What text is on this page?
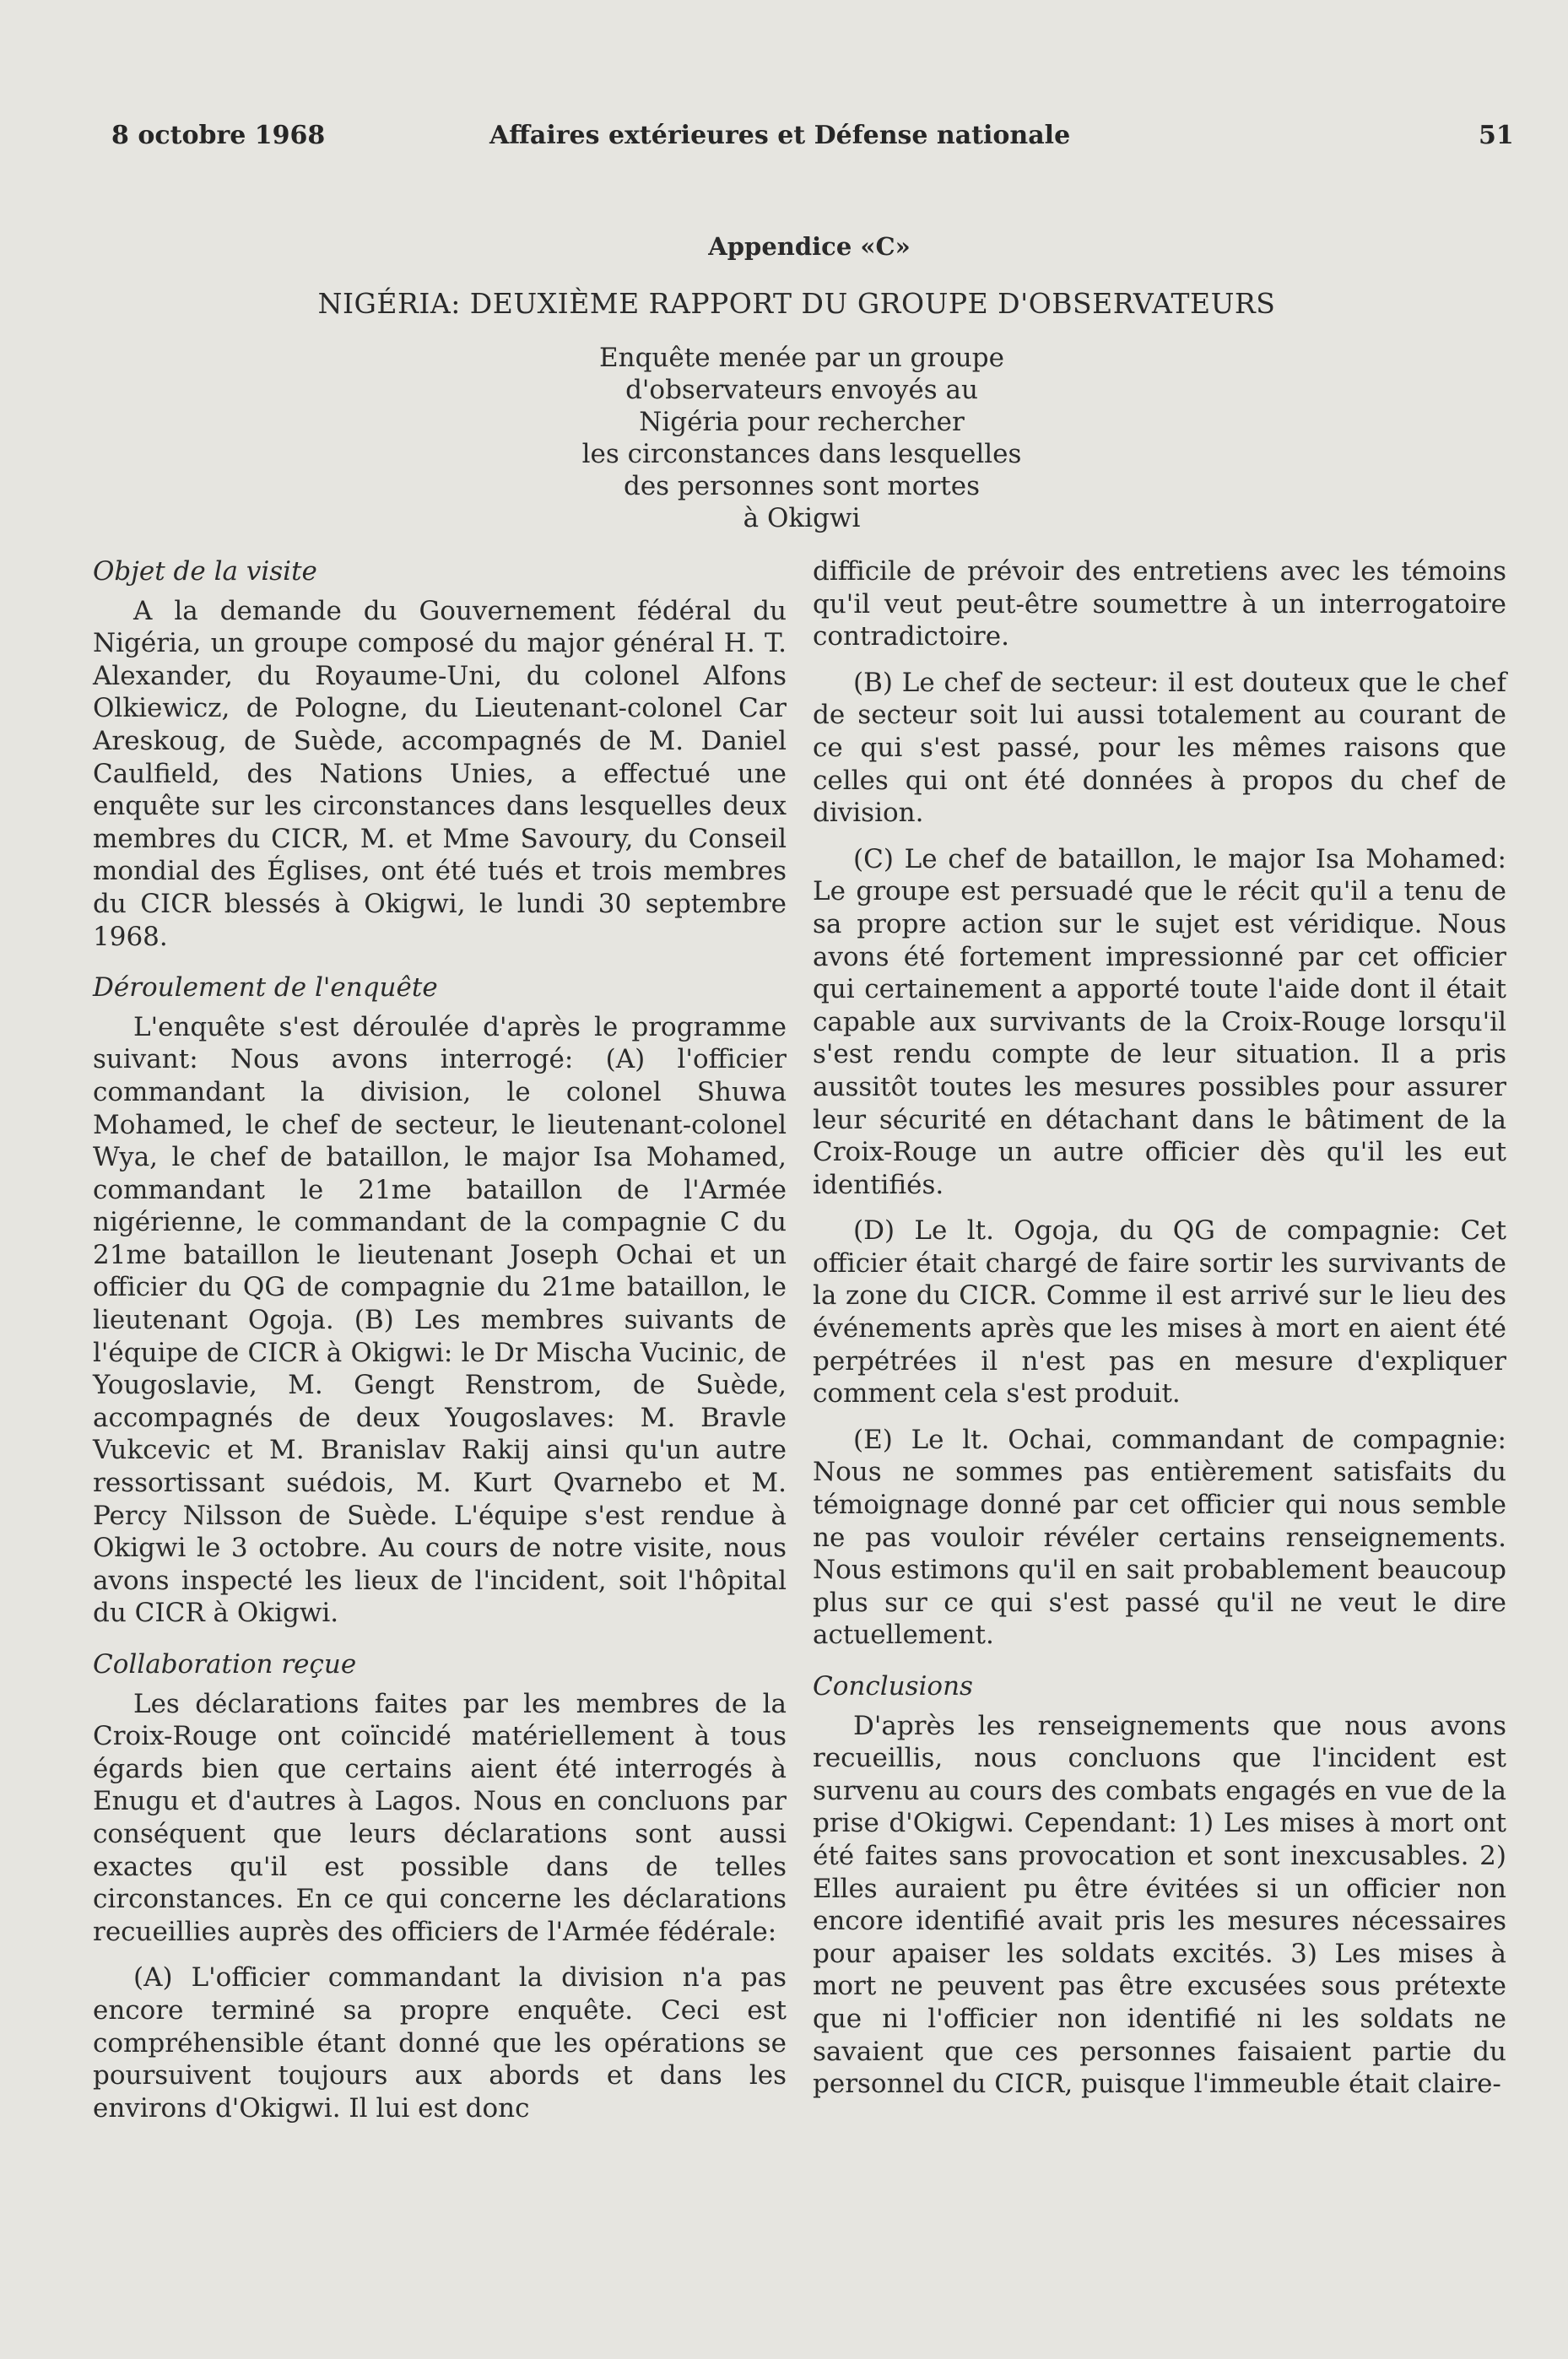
8 octobre 1968	Affaires extérieures et Défense nationale	51
Appendice «C»
NIGÉRIA: DEUXIÈME RAPPORT DU GROUPE D'OBSERVATEURS
Enquête menée par un groupe
d'observateurs envoyés au
Nigéria pour rechercher
les circonstances dans lesquelles
des personnes sont mortes
à Okigwi
Objet de la visite

A la demande du Gouvernement fédéral du Nigéria, un groupe composé du major général H. T. Alexander, du Royaume-Uni, du colonel Alfons Olkiewicz, de Pologne, du Lieutenant-colonel Car Areskoug, de Suède, accompagnés de M. Daniel Caulfield, des Nations Unies, a effectué une enquête sur les circonstances dans lesquelles deux membres du CICR, M. et Mme Savoury, du Conseil mondial des Églises, ont été tués et trois membres du CICR blessés à Okigwi, le lundi 30 septembre 1968.

Déroulement de l'enquête

L'enquête s'est déroulée d'après le programme suivant: Nous avons interrogé: (A) l'officier commandant la division, le colonel Shuwa Mohamed, le chef de secteur, le lieutenant-colonel Wya, le chef de bataillon, le major Isa Mohamed, commandant le 21me bataillon de l'Armée nigérienne, le commandant de la compagnie C du 21me bataillon le lieutenant Joseph Ochai et un officier du QG de compagnie du 21me bataillon, le lieutenant Ogoja. (B) Les membres suivants de l'équipe de CICR à Okigwi: le Dr Mischa Vucinic, de Yougoslavie, M. Gengt Renstrom, de Suède, accompagnés de deux Yougoslaves: M. Bravle Vukcevic et M. Branislav Rakij ainsi qu'un autre ressortissant suédois, M. Kurt Qvarnebo et M. Percy Nilsson de Suède. L'équipe s'est rendue à Okigwi le 3 octobre. Au cours de notre visite, nous avons inspecté les lieux de l'incident, soit l'hôpital du CICR à Okigwi.

Collaboration reçue

Les déclarations faites par les membres de la Croix-Rouge ont coïncidé matériellement à tous égards bien que certains aient été interrogés à Enugu et d'autres à Lagos. Nous en concluons par conséquent que leurs déclarations sont aussi exactes qu'il est possible dans de telles circonstances. En ce qui concerne les déclarations recueillies auprès des officiers de l'Armée fédérale:

(A) L'officier commandant la division n'a pas encore terminé sa propre enquête. Ceci est compréhensible étant donné que les opérations se poursuivent toujours aux abords et dans les environs d'Okigwi. Il lui est donc

difficile de prévoir des entretiens avec les témoins qu'il veut peut-être soumettre à un interrogatoire contradictoire.

(B) Le chef de secteur: il est douteux que le chef de secteur soit lui aussi totalement au courant de ce qui s'est passé, pour les mêmes raisons que celles qui ont été données à propos du chef de division.

(C) Le chef de bataillon, le major Isa Mohamed: Le groupe est persuadé que le récit qu'il a tenu de sa propre action sur le sujet est véridique. Nous avons été fortement impressionné par cet officier qui certainement a apporté toute l'aide dont il était capable aux survivants de la Croix-Rouge lorsqu'il s'est rendu compte de leur situation. Il a pris aussitôt toutes les mesures possibles pour assurer leur sécurité en détachant dans le bâtiment de la Croix-Rouge un autre officier dès qu'il les eut identifiés.

(D) Le lt. Ogoja, du QG de compagnie: Cet officier était chargé de faire sortir les survivants de la zone du CICR. Comme il est arrivé sur le lieu des événements après que les mises à mort en aient été perpétrées il n'est pas en mesure d'expliquer comment cela s'est produit.

(E) Le lt. Ochai, commandant de compagnie: Nous ne sommes pas entièrement satisfaits du témoignage donné par cet officier qui nous semble ne pas vouloir révéler certains renseignements. Nous estimons qu'il en sait probablement beaucoup plus sur ce qui s'est passé qu'il ne veut le dire actuellement.

Conclusions

D'après les renseignements que nous avons recueillis, nous concluons que l'incident est survenu au cours des combats engagés en vue de la prise d'Okigwi. Cependant: 1) Les mises à mort ont été faites sans provocation et sont inexcusables. 2) Elles auraient pu être évitées si un officier non encore identifié avait pris les mesures nécessaires pour apaiser les soldats excités. 3) Les mises à mort ne peuvent pas être excusées sous prétexte que ni l'officier non identifié ni les soldats ne savaient que ces personnes faisaient partie du personnel du CICR, puisque l'immeuble était claire-
